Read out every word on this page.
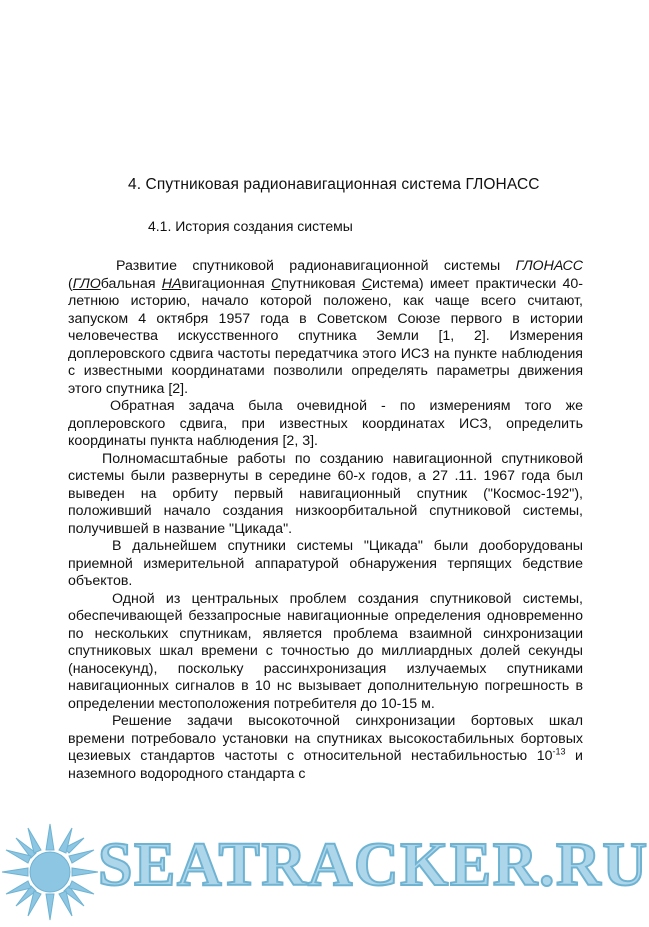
4. Спутниковая радионавигационная система ГЛОНАСС
4.1. История создания системы

Развитие спутниковой радионавигационной системы ГЛОНАСС (ГЛОбальная НАвигационная Спутниковая Система) имеет практически 40-летнюю историю, начало которой положено, как чаще всего считают, запуском 4 октября 1957 года в Советском Союзе первого в истории человечества искусственного спутника Земли [1, 2]. Измерения доплеровского сдвига частоты передатчика этого ИСЗ на пункте наблюдения с известными координатами позволили определять параметры движения этого спутника [2].

Обратная задача была очевидной - по измерениям того же доплеровского сдвига, при известных координатах ИСЗ, определить координаты пункта наблюдения [2, 3].

Полномасштабные работы по созданию навигационной спутниковой системы были развернуты в середине 60-х годов, а 27 .11. 1967 года был выведен на орбиту первый навигационный спутник ("Космос-192"), положивший начало создания низкоорбитальной спутниковой системы, получившей в название "Цикада".

В дальнейшем спутники системы "Цикада" были дооборудованы приемной измерительной аппаратурой обнаружения терпящих бедствие объектов.

Одной из центральных проблем создания спутниковой системы, обеспечивающей беззапросные навигационные определения одновременно по нескольких спутникам, является проблема взаимной синхронизации спутниковых шкал времени с точностью до миллиардных долей секунды (наносекунд), поскольку рассинхронизация излучаемых спутниками навигационных сигналов в 10 нс вызывает дополнительную погрешность в определении местоположения потребителя до 10-15 м.

Решение задачи высокоточной синхронизации бортовых шкал времени потребовало установки на спутниках высокостабильных бортовых цезиевых стандартов частоты с относительной нестабильностью $10^{-13}$ и наземного водородного стандарта с

SEATRACKER.RU
